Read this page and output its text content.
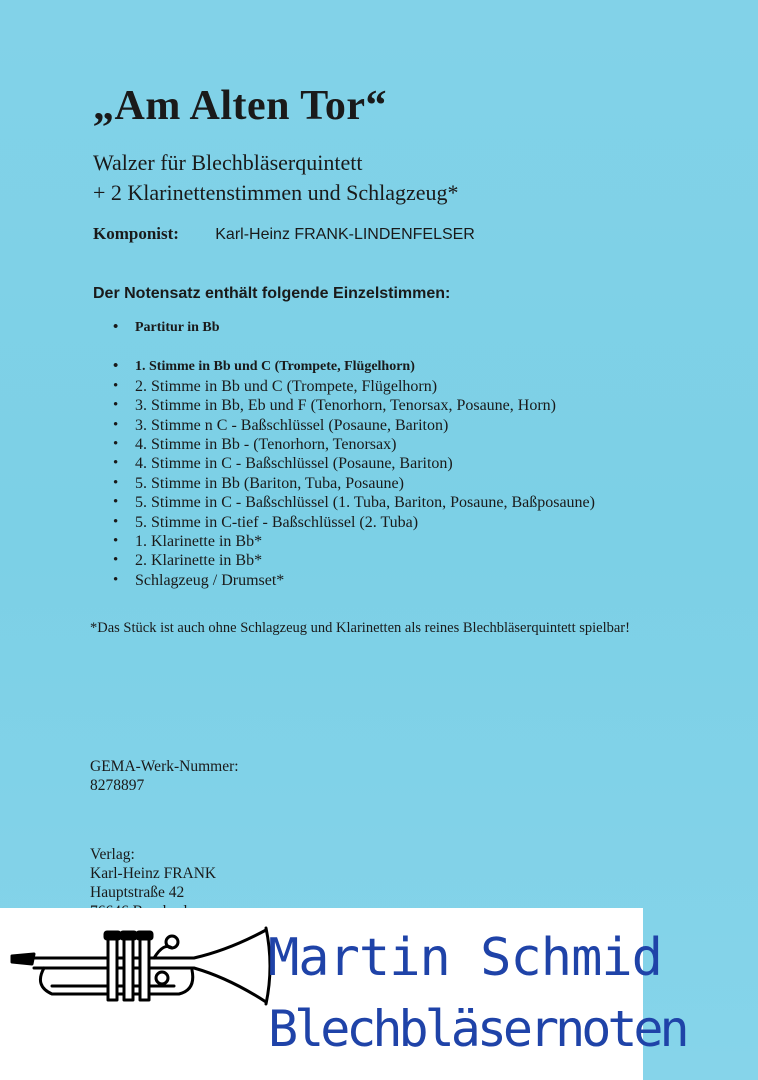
„Am Alten Tor“
Walzer für Blechbläserquintett
+ 2 Klarinettenstimmen und Schlagzeug*
Komponist: Karl-Heinz FRANK-LINDENFELSER
Der Notensatz enthält folgende Einzelstimmen:
• Partitur in Bb
• 1. Stimme in Bb und C (Trompete, Flügelhorn)
• 2. Stimme in Bb und C (Trompete, Flügelhorn)
• 3. Stimme in Bb, Eb und F (Tenorhorn, Tenorsax, Posaune, Horn)
• 3. Stimme n C - Baßschlüssel (Posaune, Bariton)
• 4. Stimme in Bb - (Tenorhorn, Tenorsax)
• 4. Stimme in C - Baßschlüssel (Posaune, Bariton)
• 5. Stimme in Bb (Bariton, Tuba, Posaune)
• 5. Stimme in C - Baßschlüssel (1. Tuba, Bariton, Posaune, Baßposaune)
• 5. Stimme in C-tief - Baßschlüssel (2. Tuba)
• 1. Klarinette in Bb*
• 2. Klarinette in Bb*
• Schlagzeug / Drumset*
*Das Stück ist auch ohne Schlagzeug und Klarinetten als reines Blechbläserquintett spielbar!
GEMA-Werk-Nummer:
8278897
Verlag:
Karl-Heinz FRANK
Hauptstraße 42
Martin Schmid
Blechbläsernoten
